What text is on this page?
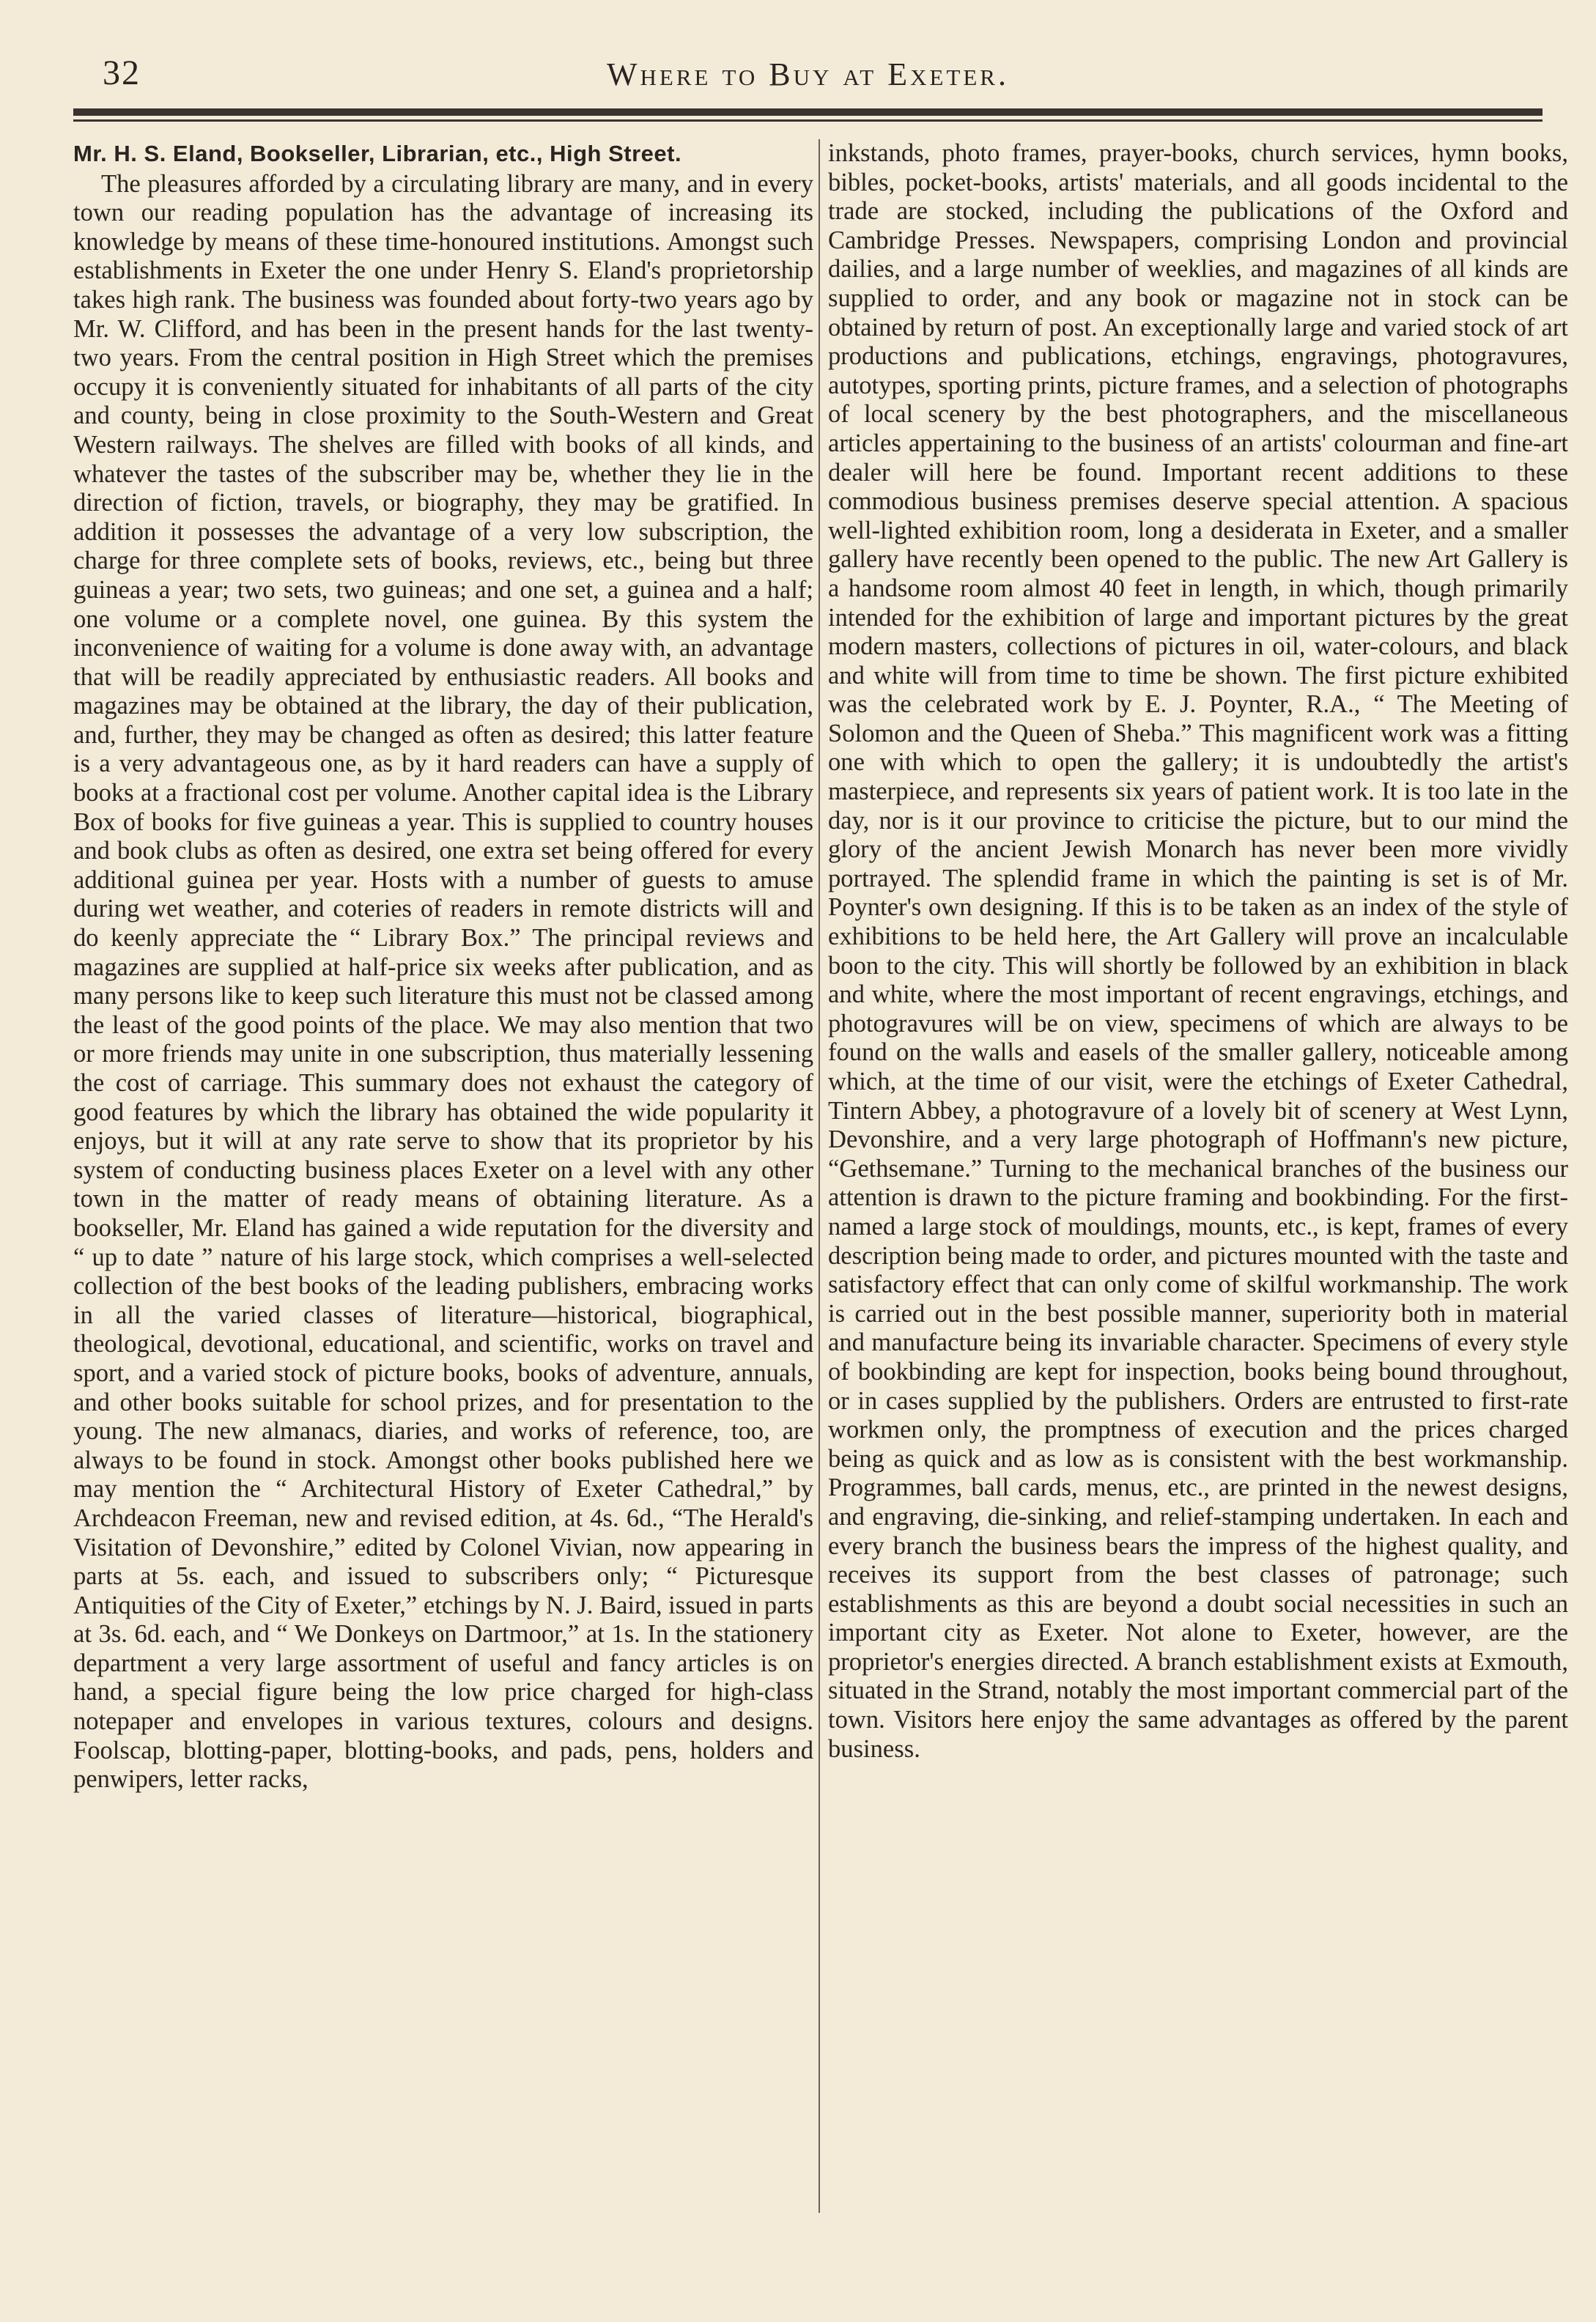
32	Where to Buy at Exeter.
Mr. H. S. Eland, Bookseller, Librarian, etc., High Street.

The pleasures afforded by a circulating library are many, and in every town our reading population has the advantage of increasing its knowledge by means of these time-honoured institutions. Amongst such establishments in Exeter the one under Henry S. Eland's proprietorship takes high rank. The business was founded about forty-two years ago by Mr. W. Clifford, and has been in the present hands for the last twenty-two years. From the central position in High Street which the premises occupy it is conveniently situated for inhabitants of all parts of the city and county, being in close proximity to the South-Western and Great Western railways. The shelves are filled with books of all kinds, and whatever the tastes of the subscriber may be, whether they lie in the direction of fiction, travels, or biography, they may be gratified. In addition it possesses the advantage of a very low subscription, the charge for three complete sets of books, reviews, etc., being but three guineas a year; two sets, two guineas; and one set, a guinea and a half; one volume or a complete novel, one guinea. By this system the inconvenience of waiting for a volume is done away with, an advantage that will be readily appreciated by enthusiastic readers. All books and magazines may be obtained at the library, the day of their publication, and, further, they may be changed as often as desired; this latter feature is a very advantageous one, as by it hard readers can have a supply of books at a fractional cost per volume. Another capital idea is the Library Box of books for five guineas a year. This is supplied to country houses and book clubs as often as desired, one extra set being offered for every additional guinea per year. Hosts with a number of guests to amuse during wet weather, and coteries of readers in remote districts will and do keenly appreciate the “ Library Box.” The principal reviews and magazines are supplied at half-price six weeks after publication, and as many persons like to keep such literature this must not be classed among the least of the good points of the place. We may also mention that two or more friends may unite in one subscription, thus materially lessening the cost of carriage. This summary does not exhaust the category of good features by which the library has obtained the wide popularity it enjoys, but it will at any rate serve to show that its proprietor by his system of conducting business places Exeter on a level with any other town in the matter of ready means of obtaining literature. As a bookseller, Mr. Eland has gained a wide reputation for the diversity and “ up to date ” nature of his large stock, which comprises a well-selected collection of the best books of the leading publishers, embracing works in all the varied classes of literature—historical, biographical, theological, devotional, educational, and scientific, works on travel and sport, and a varied stock of picture books, books of adventure, annuals, and other books suitable for school prizes, and for presentation to the young. The new almanacs, diaries, and works of reference, too, are always to be found in stock. Amongst other books published here we may mention the “ Architectural History of Exeter Cathedral,” by Archdeacon Freeman, new and revised edition, at 4s. 6d., “The Herald's Visitation of Devonshire,” edited by Colonel Vivian, now appearing in parts at 5s. each, and issued to subscribers only; “ Picturesque Antiquities of the City of Exeter,” etchings by N. J. Baird, issued in parts at 3s. 6d. each, and “ We Donkeys on Dartmoor,” at 1s. In the stationery department a very large assortment of useful and fancy articles is on hand, a special figure being the low price charged for high-class notepaper and envelopes in various textures, colours and designs. Foolscap, blotting-paper, blotting-books, and pads, pens, holders and penwipers, letter racks,

inkstands, photo frames, prayer-books, church services, hymn books, bibles, pocket-books, artists' materials, and all goods incidental to the trade are stocked, including the publications of the Oxford and Cambridge Presses. Newspapers, comprising London and provincial dailies, and a large number of weeklies, and magazines of all kinds are supplied to order, and any book or magazine not in stock can be obtained by return of post. An exceptionally large and varied stock of art productions and publications, etchings, engravings, photogravures, autotypes, sporting prints, picture frames, and a selection of photographs of local scenery by the best photographers, and the miscellaneous articles appertaining to the business of an artists' colourman and fine-art dealer will here be found. Important recent additions to these commodious business premises deserve special attention. A spacious well-lighted exhibition room, long a desiderata in Exeter, and a smaller gallery have recently been opened to the public. The new Art Gallery is a handsome room almost 40 feet in length, in which, though primarily intended for the exhibition of large and important pictures by the great modern masters, collections of pictures in oil, water-colours, and black and white will from time to time be shown. The first picture exhibited was the celebrated work by E. J. Poynter, R.A., “ The Meeting of Solomon and the Queen of Sheba.” This magnificent work was a fitting one with which to open the gallery; it is undoubtedly the artist's masterpiece, and represents six years of patient work. It is too late in the day, nor is it our province to criticise the picture, but to our mind the glory of the ancient Jewish Monarch has never been more vividly portrayed. The splendid frame in which the painting is set is of Mr. Poynter's own designing. If this is to be taken as an index of the style of exhibitions to be held here, the Art Gallery will prove an incalculable boon to the city. This will shortly be followed by an exhibition in black and white, where the most important of recent engravings, etchings, and photogravures will be on view, specimens of which are always to be found on the walls and easels of the smaller gallery, noticeable among which, at the time of our visit, were the etchings of Exeter Cathedral, Tintern Abbey, a photogravure of a lovely bit of scenery at West Lynn, Devonshire, and a very large photograph of Hoffmann's new picture, “Gethsemane.” Turning to the mechanical branches of the business our attention is drawn to the picture framing and bookbinding. For the first-named a large stock of mouldings, mounts, etc., is kept, frames of every description being made to order, and pictures mounted with the taste and satisfactory effect that can only come of skilful workmanship. The work is carried out in the best possible manner, superiority both in material and manufacture being its invariable character. Specimens of every style of bookbinding are kept for inspection, books being bound throughout, or in cases supplied by the publishers. Orders are entrusted to first-rate workmen only, the promptness of execution and the prices charged being as quick and as low as is consistent with the best workmanship. Programmes, ball cards, menus, etc., are printed in the newest designs, and engraving, die-sinking, and relief-stamping undertaken. In each and every branch the business bears the impress of the highest quality, and receives its support from the best classes of patronage; such establishments as this are beyond a doubt social necessities in such an important city as Exeter. Not alone to Exeter, however, are the proprietor's energies directed. A branch establishment exists at Exmouth, situated in the Strand, notably the most important commercial part of the town. Visitors here enjoy the same advantages as offered by the parent business.
